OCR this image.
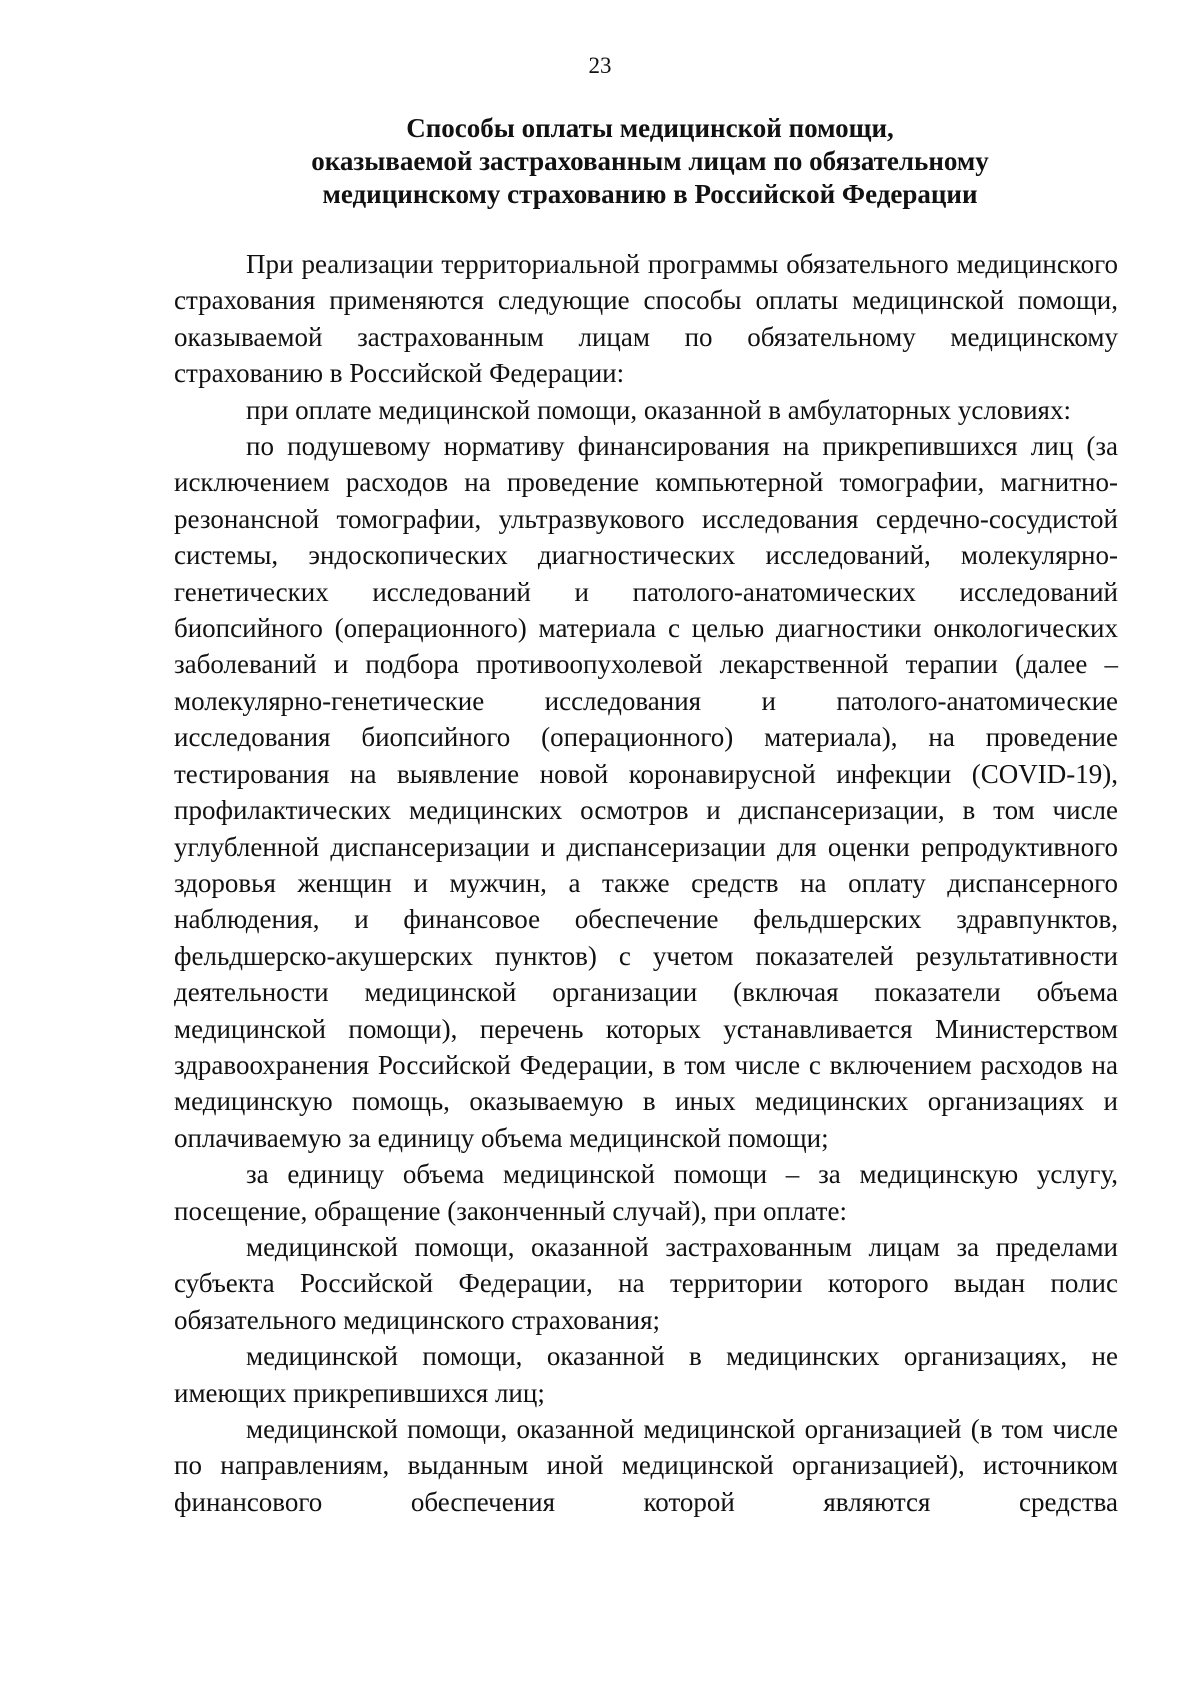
23
Способы оплаты медицинской помощи,
оказываемой застрахованным лицам по обязательному
медицинскому страхованию в Российской Федерации

При реализации территориальной программы обязательного медицинского страхования применяются следующие способы оплаты медицинской помощи, оказываемой застрахованным лицам по обязательному медицинскому страхованию в Российской Федерации:

при оплате медицинской помощи, оказанной в амбулаторных условиях:

по подушевому нормативу финансирования на прикрепившихся лиц (за исключением расходов на проведение компьютерной томографии, магнитно-резонансной томографии, ультразвукового исследования сердечно-сосудистой системы, эндоскопических диагностических исследований, молекулярно-генетических исследований и патолого-анатомических исследований биопсийного (операционного) материала с целью диагностики онкологических заболеваний и подбора противоопухолевой лекарственной терапии (далее – молекулярно-генетические исследования и патолого-анатомические исследования биопсийного (операционного) материала), на проведение тестирования на выявление новой коронавирусной инфекции (COVID-19), профилактических медицинских осмотров и диспансеризации, в том числе углубленной диспансеризации и диспансеризации для оценки репродуктивного здоровья женщин и мужчин, а также средств на оплату диспансерного наблюдения, и финансовое обеспечение фельдшерских здравпунктов, фельдшерско-акушерских пунктов) с учетом показателей результативности деятельности медицинской организации (включая показатели объема медицинской помощи), перечень которых устанавливается Министерством здравоохранения Российской Федерации, в том числе с включением расходов на медицинскую помощь, оказываемую в иных медицинских организациях и оплачиваемую за единицу объема медицинской помощи;

за единицу объема медицинской помощи – за медицинскую услугу, посещение, обращение (законченный случай), при оплате:

медицинской помощи, оказанной застрахованным лицам за пределами субъекта Российской Федерации, на территории которого выдан полис обязательного медицинского страхования;

медицинской помощи, оказанной в медицинских организациях, не имеющих прикрепившихся лиц;

медицинской помощи, оказанной медицинской организацией (в том числе по направлениям, выданным иной медицинской организацией), источником финансового обеспечения которой являются средства
